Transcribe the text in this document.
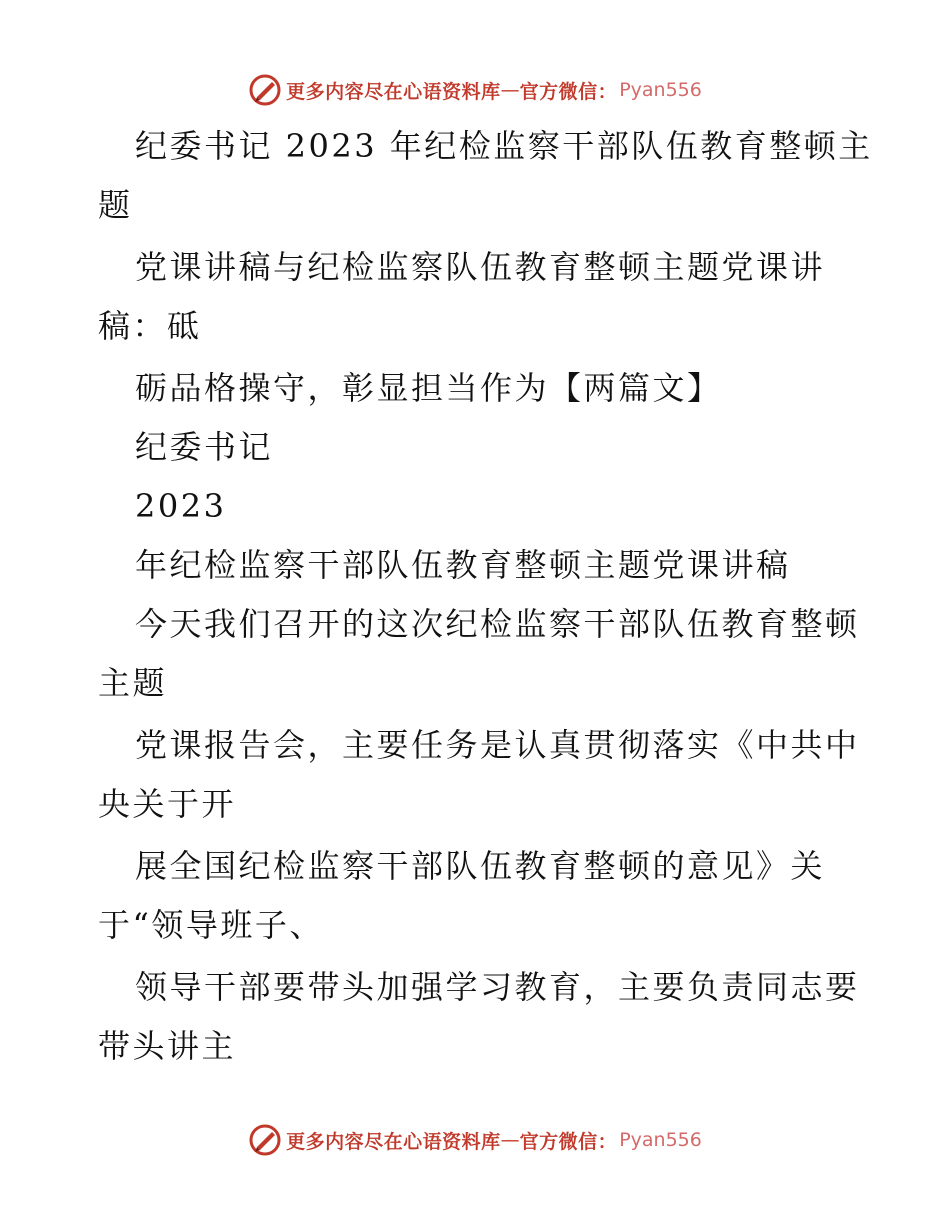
更多内容尽在心语资料库 — 官方微信： Pyan556
纪委书记 2023 年纪检监察干部队伍教育整顿主
题
党课讲稿与纪检监察队伍教育整顿主题党课讲
稿：砥
砺品格操守，彰显担当作为【两篇文】
纪委书记
2023
年纪检监察干部队伍教育整顿主题党课讲稿
今天我们召开的这次纪检监察干部队伍教育整顿
主题
党课报告会，主要任务是认真贯彻落实《中共中
央关于开
展全国纪检监察干部队伍教育整顿的意见》关
于“领导班子、
领导干部要带头加强学习教育，主要负责同志要
带头讲主
更多内容尽在心语资料库 — 官方微信： Pyan556
